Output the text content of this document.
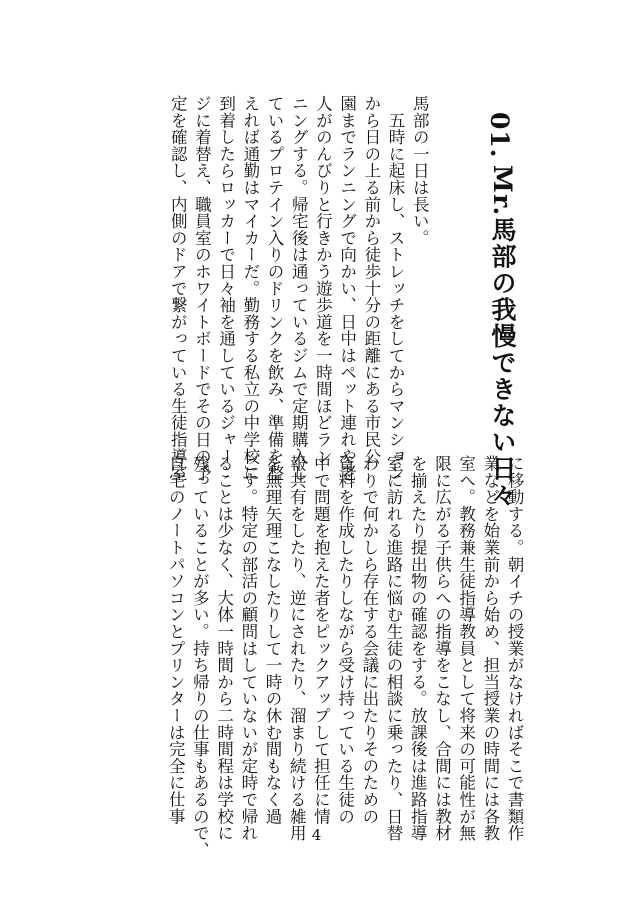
01.
Mr.馬部の我慢できない日々
馬部の一日は長い。
　五時に起床し、ストレッチをしてからマンション
から日の上る前から徒歩十分の距離にある市民公
園までランニングで向かい、日中はペット連れや老
人がのんびりと行きかう遊歩道を一時間ほどラン
ニングする。帰宅後は通っているジムで定期購入し
ているプロテイン入りのドリンクを飲み、準備を整
えれば通勤はマイカーだ。勤務する私立の中学校に
到着したらロッカーで日々袖を通しているジャー
ジに着替え、職員室のホワイトボードでその日の予
定を確認し、内側のドアで繋がっている生徒指導室
に移動する。朝イチの授業がなければそこで書類作
業などを始業前から始め、担当授業の時間には各教
室へ。教務兼生徒指導教員として将来の可能性が無
限に広がる子供らへの指導をこなし、合間には教材
を揃えたり提出物の確認をする。放課後は進路指導
室に訪れる進路に悩む生徒の相談に乗ったり、日替
わりで何かしら存在する会議に出たりそのための
資料を作成したりしながら受け持っている生徒の
中で問題を抱えた者をピックアップして担任に情
報共有をしたり、逆にされたり、溜まり続ける雑用
を無理矢理こなしたりして一時の休む間もなく過
ごす。特定の部活の顧問はしていないが定時で帰れ
ることは少なく、大体一時間から二時間程は学校に
残っていることが多い。持ち帰りの仕事もあるので、
自宅のノートパソコンとプリンターは完全に仕事
4
